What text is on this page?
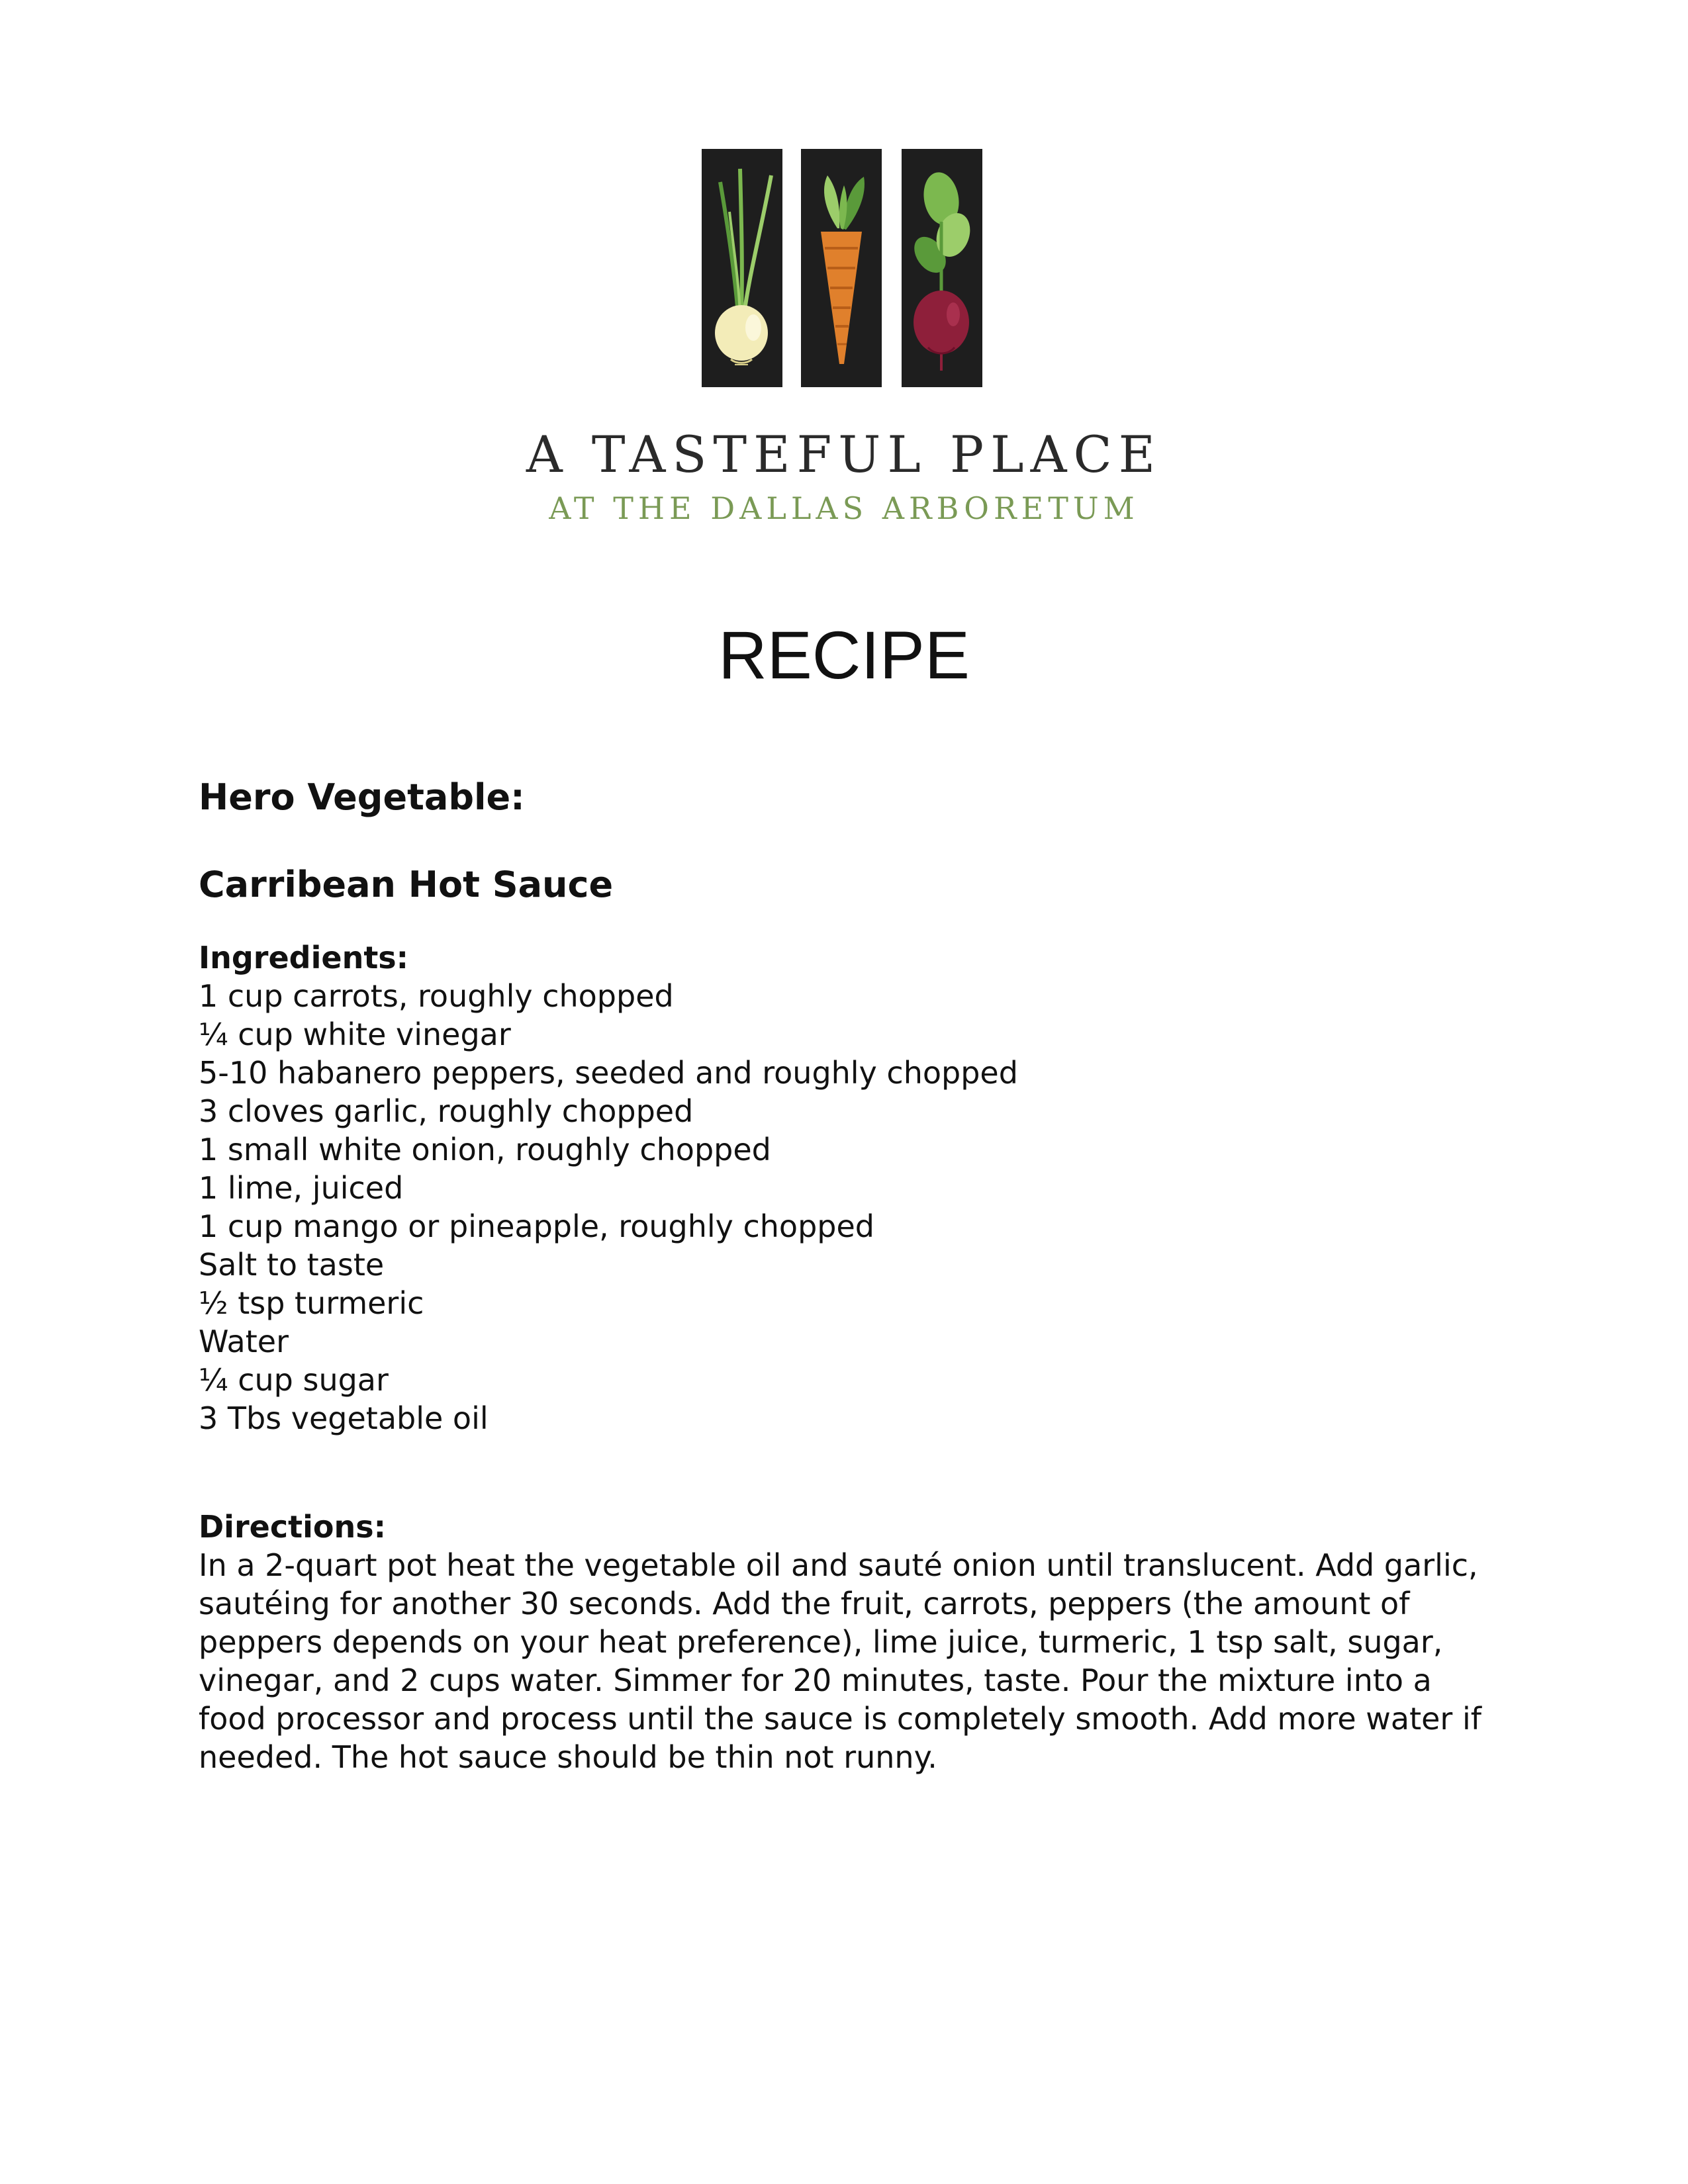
A TASTEFUL PLACE
AT THE DALLAS ARBORETUM
RECIPE
Hero Vegetable:
Carribean Hot Sauce
Ingredients:
1 cup carrots, roughly chopped
¼ cup white vinegar
5-10 habanero peppers, seeded and roughly chopped
3 cloves garlic, roughly chopped
1 small white onion, roughly chopped
1 lime, juiced
1 cup mango or pineapple, roughly chopped
Salt to taste
½ tsp turmeric
Water
¼ cup sugar
3 Tbs vegetable oil
Directions:

In a 2-quart pot heat the vegetable oil and sauté onion until translucent. Add garlic, sautéing for another 30 seconds. Add the fruit, carrots, peppers (the amount of peppers depends on your heat preference), lime juice, turmeric, 1 tsp salt, sugar, vinegar, and 2 cups water. Simmer for 20 minutes, taste. Pour the mixture into a food processor and process until the sauce is completely smooth. Add more water if needed. The hot sauce should be thin not runny.
